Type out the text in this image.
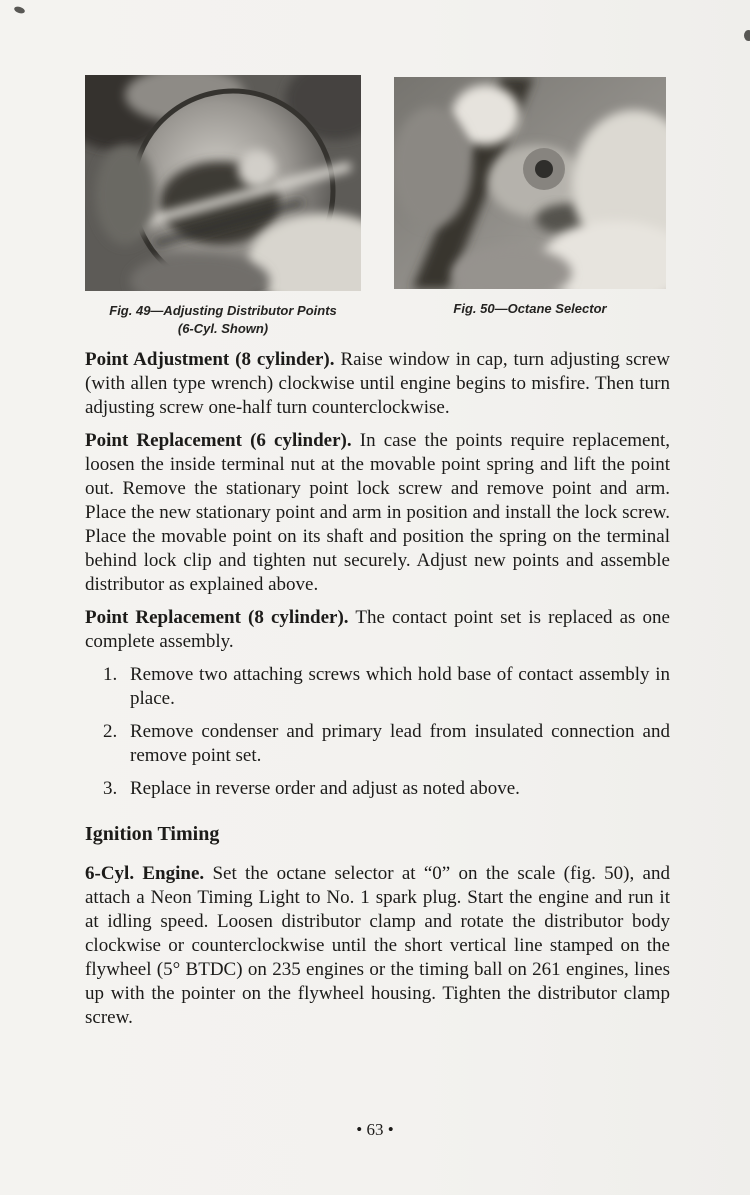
Fig. 49—Adjusting Distributor Points
(6-Cyl. Shown)
Fig. 50—Octane Selector

Point Adjustment (8 cylinder). Raise window in cap, turn adjusting screw (with allen type wrench) clockwise until engine begins to misfire. Then turn adjusting screw one-half turn counterclockwise.

Point Replacement (6 cylinder). In case the points require replacement, loosen the inside terminal nut at the movable point spring and lift the point out. Remove the stationary point lock screw and remove point and arm. Place the new stationary point and arm in position and install the lock screw. Place the movable point on its shaft and position the spring on the terminal behind lock clip and tighten nut securely. Adjust new points and assemble distributor as explained above.

Point Replacement (8 cylinder). The contact point set is replaced as one complete assembly.

1. Remove two attaching screws which hold base of contact assembly in place.
2. Remove condenser and primary lead from insulated connection and remove point set.
3. Replace in reverse order and adjust as noted above.
Ignition Timing

6-Cyl. Engine. Set the octane selector at “0” on the scale (fig. 50), and attach a Neon Timing Light to No. 1 spark plug. Start the engine and run it at idling speed. Loosen distributor clamp and rotate the distributor body clockwise or counterclockwise until the short vertical line stamped on the flywheel (5° BTDC) on 235 engines or the timing ball on 261 engines, lines up with the pointer on the flywheel housing. Tighten the distributor clamp screw.

• 63 •
